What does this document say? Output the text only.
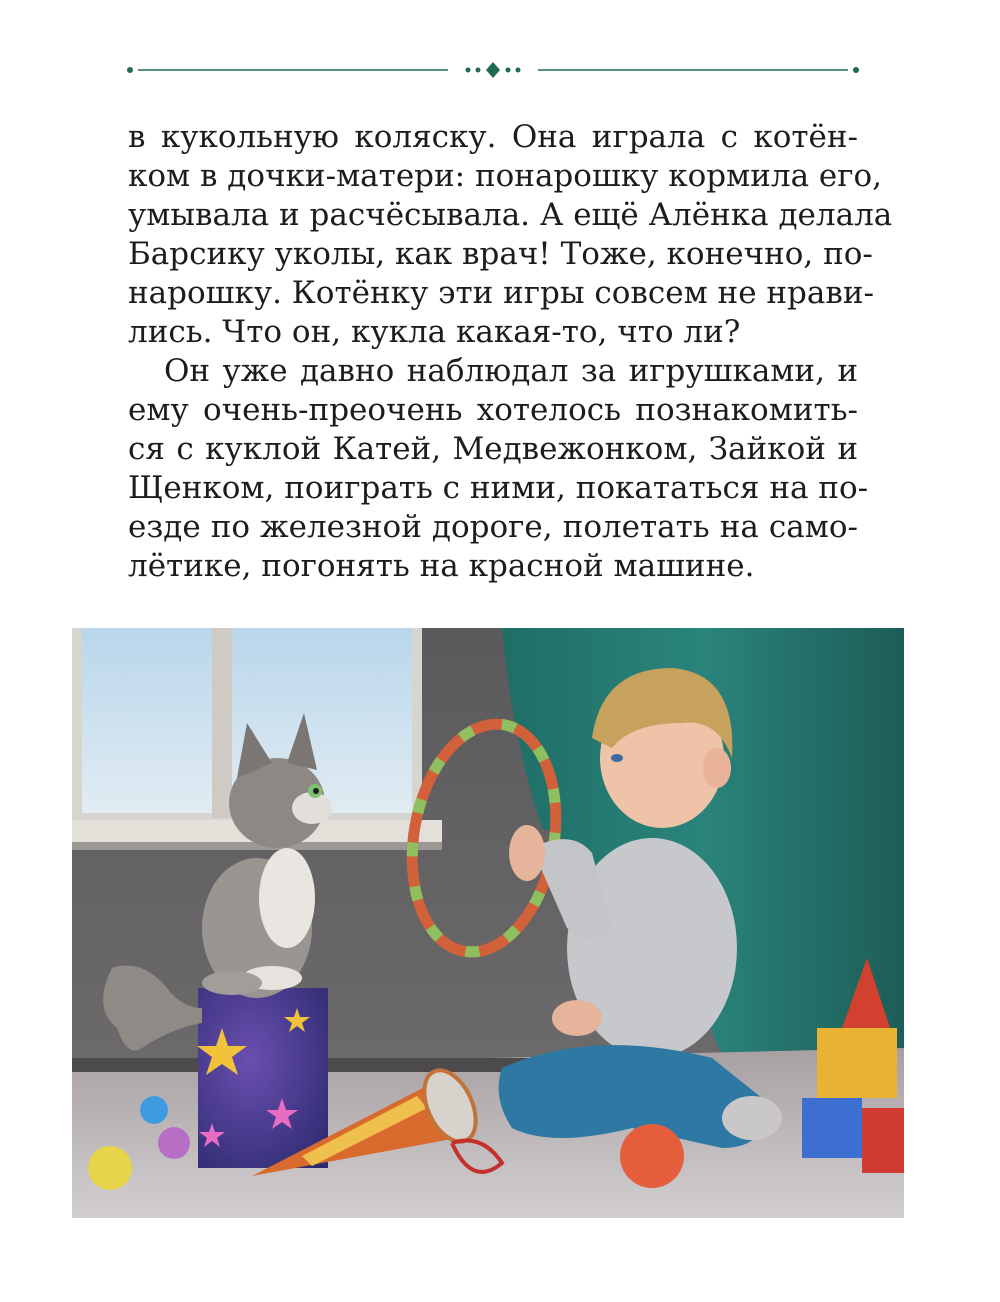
в кукольную коляску. Она играла с котён-
ком в дочки-матери: понарошку кормила его,
умывала и расчёсывала. А ещё Алёнка делала
Барсику уколы, как врач! Тоже, конечно, по-
нарошку. Котёнку эти игры совсем не нрави-
лись. Что он, кукла какая-то, что ли?
Он уже давно наблюдал за игрушками, и
ему очень-преочень хотелось познакомить-
ся с куклой Катей, Медвежонком, Зайкой и
Щенком, поиграть с ними, покататься на по-
езде по железной дороге, полетать на само-
лётике, погонять на красной машине.
